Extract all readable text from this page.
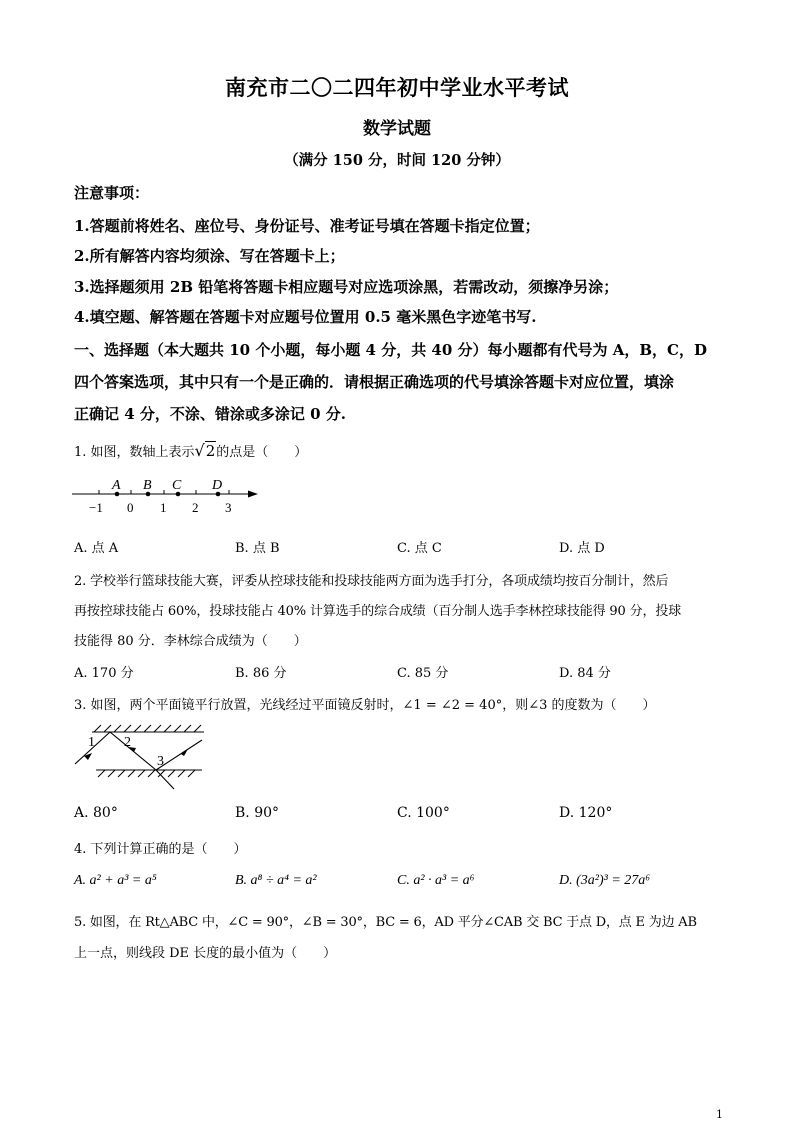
南充市二〇二四年初中学业水平考试
数学试题
（满分 150 分，时间 120 分钟）
注意事项：
1.答题前将姓名、座位号、身份证号、准考证号填在答题卡指定位置；
2.所有解答内容均须涂、写在答题卡上；
3.选择题须用 2B 铅笔将答题卡相应题号对应选项涂黑，若需改动，须擦净另涂；
4.填空题、解答题在答题卡对应题号位置用 0.5 毫米黑色字迹笔书写.
一、选择题（本大题共 10 个小题，每小题 4 分，共 40 分）每小题都有代号为 A，B，C，D
四个答案选项，其中只有一个是正确的．请根据正确选项的代号填涂答题卡对应位置，填涂
正确记 4 分，不涂、错涂或多涂记 0 分.
1. 如图，数轴上表示√2的点是（　　）
A B C D
−1 0 1 2 3
A. 点 A	B. 点 B	C. 点 C	D. 点 D
2. 学校举行篮球技能大赛，评委从控球技能和投球技能两方面为选手打分，各项成绩均按百分制计，然后
再按控球技能占 60%，投球技能占 40% 计算选手的综合成绩（百分制人选手李林控球技能得 90 分，投球
技能得 80 分．李林综合成绩为（　　）
A. 170 分	B. 86 分	C. 85 分	D. 84 分
3. 如图，两个平面镜平行放置，光线经过平面镜反射时，∠1 = ∠2 = 40°，则∠3 的度数为（　　）
1 2
3
A. 80°	B. 90°	C. 100°	D. 120°
4. 下列计算正确的是（　　）
A. a² + a³ = a⁵	B. a⁸ ÷ a⁴ = a²	C. a² · a³ = a⁶	D. (3a²)³ = 27a⁶
5. 如图，在 Rt△ABC 中，∠C = 90°，∠B = 30°，BC = 6，AD 平分∠CAB 交 BC 于点 D，点 E 为边 AB
上一点，则线段 DE 长度的最小值为（　　）
1
